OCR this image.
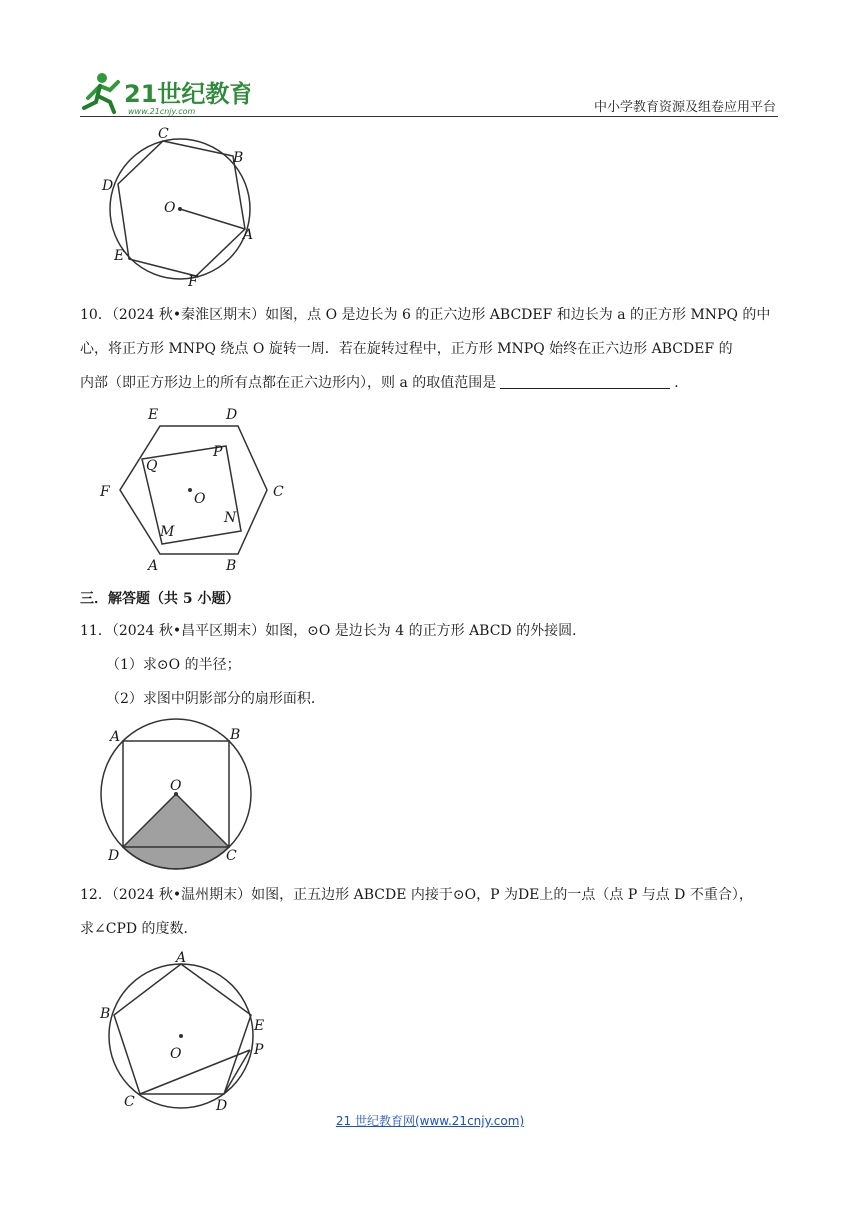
21世纪教育
www.21cnjy.com	中小学教育资源及组卷应用平台
C
B
D
O
A
E
F
10．（2024 秋•秦淮区期末）如图，点 O 是边长为 6 的正六边形 ABCDEF 和边长为 a 的正方形 MNPQ 的中
心，将正方形 MNPQ 绕点 O 旋转一周．若在旋转过程中，正方形 MNPQ 始终在正六边形 ABCDEF 的
内部（即正方形边上的所有点都在正六边形内），则 a 的取值范围是	．
E	D
Q
P
F	C
O
M
N
A	B
三．解答题（共 5 小题）
11．（2024 秋•昌平区期末）如图，⊙O 是边长为 4 的正方形 ABCD 的外接圆．
（1）求⊙O 的半径；
（2）求图中阴影部分的扇形面积．
A	B
O
D	C
12．（2024 秋•温州期末）如图，正五边形 ABCDE 内接于⊙O，P 为DE上的一点（点 P 与点 D 不重合），
求∠CPD 的度数．
A
B
E
P
O
C	D
21 世纪教育网(www.21cnjy.com)
